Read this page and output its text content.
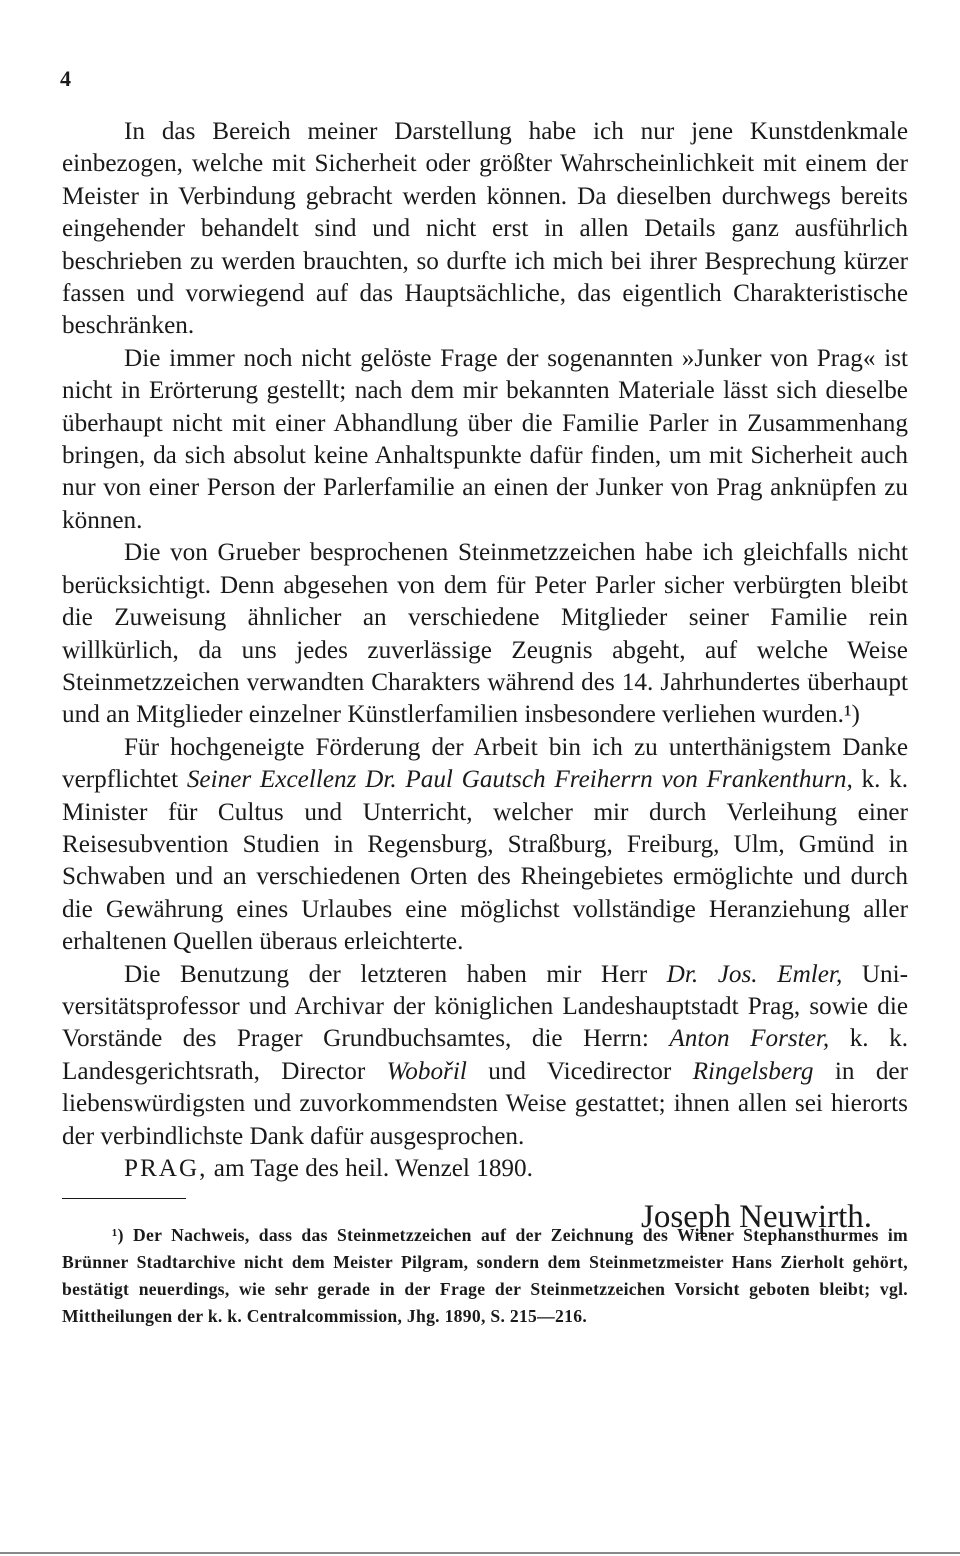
4

In das Bereich meiner Darstellung habe ich nur jene Kunstdenkmale einbezogen, welche mit Sicherheit oder größter Wahrscheinlichkeit mit einem der Meister in Verbindung gebracht werden können. Da dieselben durchwegs bereits eingehender behandelt sind und nicht erst in allen Details ganz ausführlich beschrieben zu werden brauchten, so durfte ich mich bei ihrer Besprechung kürzer fassen und vorwiegend auf das Hauptsächliche, das eigentlich Charakteristische beschränken.

Die immer noch nicht gelöste Frage der sogenannten »Junker von Prag« ist nicht in Erörterung gestellt; nach dem mir bekannten Materiale lässt sich dieselbe überhaupt nicht mit einer Abhandlung über die Familie Parler in Zusammenhang bringen, da sich absolut keine Anhaltspunkte dafür finden, um mit Sicherheit auch nur von einer Person der Parlerfamilie an einen der Junker von Prag anknüpfen zu können.

Die von Grueber besprochenen Steinmetzzeichen habe ich gleichfalls nicht berücksichtigt. Denn abgesehen von dem für Peter Parler sicher verbürgten bleibt die Zuweisung ähnlicher an verschiedene Mitglieder seiner Familie rein willkürlich, da uns jedes zuverlässige Zeugnis abgeht, auf welche Weise Steinmetzzeichen verwandten Charakters während des 14. Jahrhundertes überhaupt und an Mitglieder einzelner Künstlerfamilien insbesondere verliehen wurden.¹)

Für hochgeneigte Förderung der Arbeit bin ich zu unterthänigstem Danke verpflichtet Seiner Excellenz Dr. Paul Gautsch Freiherrn von Frankenthurn, k. k. Minister für Cultus und Unterricht, welcher mir durch Verleihung einer Reisesubvention Studien in Regensburg, Straßburg, Freiburg, Ulm, Gmünd in Schwaben und an verschiedenen Orten des Rheingebietes ermöglichte und durch die Gewährung eines Urlaubes eine möglichst vollständige Heranziehung aller erhaltenen Quellen überaus erleichterte.

Die Benutzung der letzteren haben mir Herr Dr. Jos. Emler, Universitätsprofessor und Archivar der königlichen Landeshauptstadt Prag, sowie die Vorstände des Prager Grundbuchsamtes, die Herrn: Anton Forster, k. k. Landesgerichtsrath, Director Wobořil und Vicedirector Ringelsberg in der liebenswürdigsten und zuvorkommendsten Weise gestattet; ihnen allen sei hierorts der verbindlichste Dank dafür ausgesprochen.

PRAG, am Tage des heil. Wenzel 1890.

Joseph Neuwirth.

¹) Der Nachweis, dass das Steinmetzzeichen auf der Zeichnung des Wiener Stephansthurmes im Brünner Stadtarchive nicht dem Meister Pilgram, sondern dem Steinmetzmeister Hans Zierholt gehört, bestätigt neuerdings, wie sehr gerade in der Frage der Steinmetzzeichen Vorsicht geboten bleibt; vgl. Mittheilungen der k. k. Centralcommission, Jhg. 1890, S. 215—216.
